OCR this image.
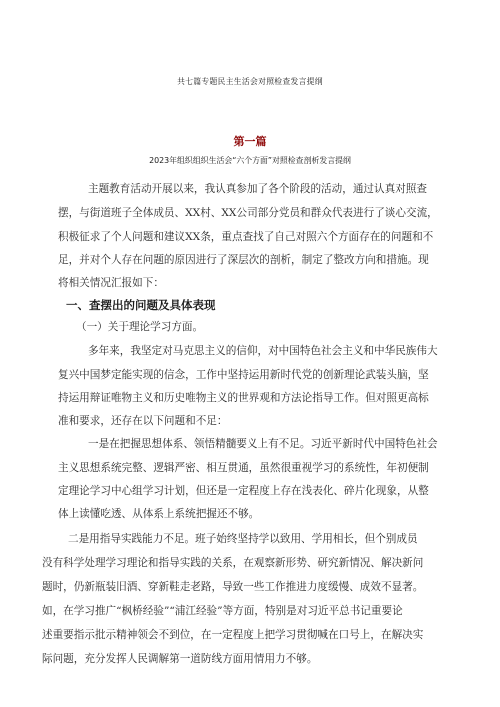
共七篇专题民主生活会对照检查发言提纲
第一篇
2023年组织组织生活会“六个方面”对照检查剖析发言提纲
主题教育活动开展以来，我认真参加了各个阶段的活动，通过认真对照查
摆，与街道班子全体成员、XX村、XX公司部分党员和群众代表进行了谈心交流，
积极征求了个人问题和建议XX条，重点查找了自己对照六个方面存在的问题和不
足，并对个人存在问题的原因进行了深层次的剖析，制定了整改方向和措施。现
将相关情况汇报如下：
一、查摆出的问题及具体表现
（一）关于理论学习方面。
多年来，我坚定对马克思主义的信仰，对中国特色社会主义和中华民族伟大
复兴中国梦定能实现的信念，工作中坚持运用新时代党的创新理论武装头脑，坚
持运用辩证唯物主义和历史唯物主义的世界观和方法论指导工作。但对照更高标
准和要求，还存在以下问题和不足：
一是在把握思想体系、领悟精髓要义上有不足。习近平新时代中国特色社会
主义思想系统完整、逻辑严密、相互贯通，虽然很重视学习的系统性，年初便制
定理论学习中心组学习计划，但还是一定程度上存在浅表化、碎片化现象，从整
体上读懂吃透、从体系上系统把握还不够。
二是用指导实践能力不足。班子始终坚持学以致用、学用相长，但个别成员
没有科学处理学习理论和指导实践的关系，在观察新形势、研究新情况、解决新问
题时，仍新瓶装旧酒、穿新鞋走老路，导致一些工作推进力度缓慢、成效不显著。
如，在学习推广“枫桥经验”“浦江经验”等方面，特别是对习近平总书记重要论
述重要指示批示精神领会不到位，在一定程度上把学习贯彻喊在口号上，在解决实
际问题，充分发挥人民调解第一道防线方面用情用力不够。
